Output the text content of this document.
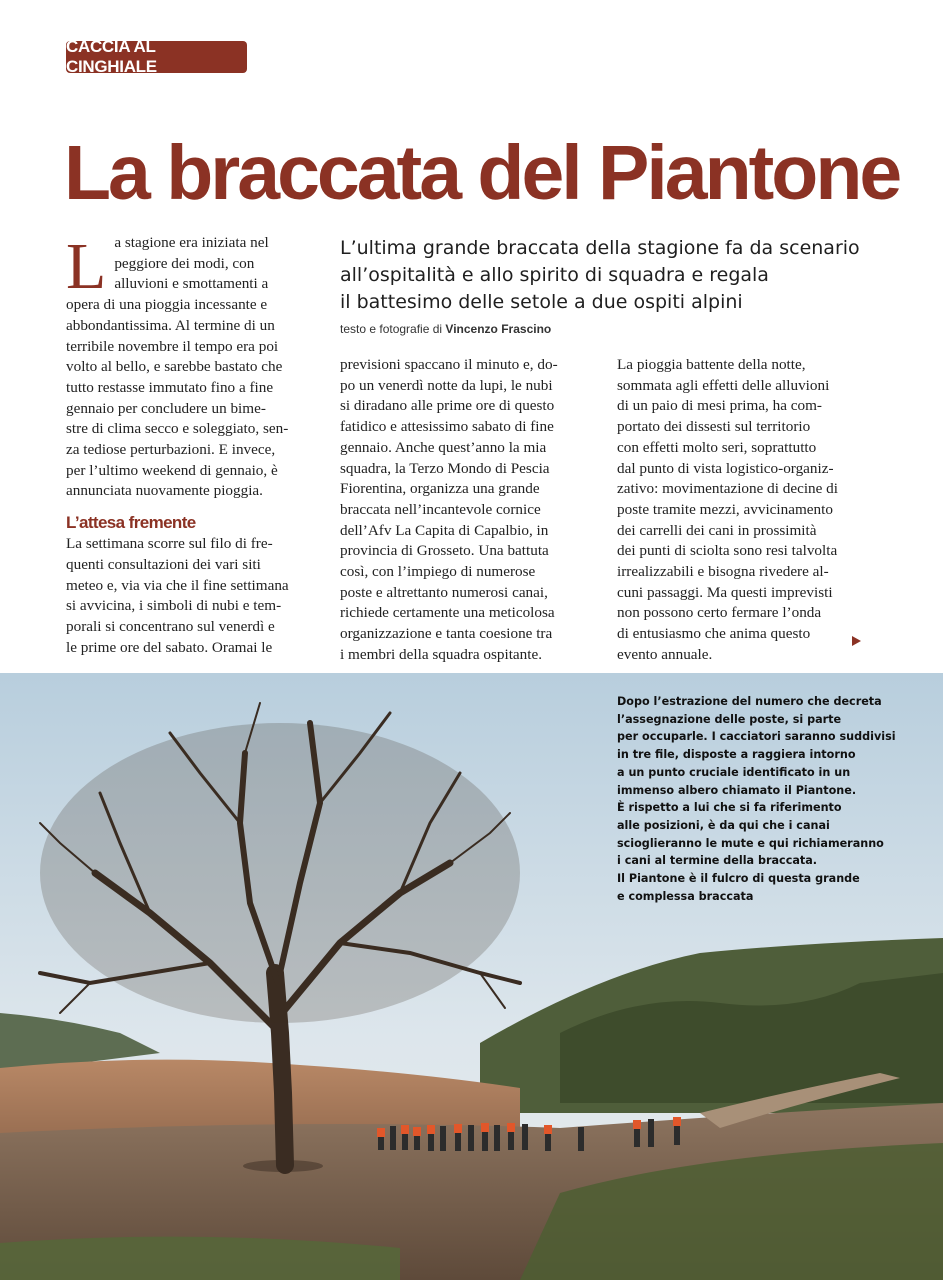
CACCIA AL CINGHIALE
La braccata del Piantone
L’ultima grande braccata della stagione fa da scenario
all’ospitalità e allo spirito di squadra e regala
il battesimo delle setole a due ospiti alpini
testo e fotografie di Vincenzo Frascino
L a stagione era iniziata nel
peggiore dei modi, con
alluvioni e smottamenti a
opera di una pioggia incessante e
abbondantissima. Al termine di un
terribile novembre il tempo era poi
volto al bello, e sarebbe bastato che
tutto restasse immutato fino a fine
gennaio per concludere un bime-
stre di clima secco e soleggiato, sen-
za tediose perturbazioni. E invece,
per l’ultimo weekend di gennaio, è
annunciata nuovamente pioggia.
L’attesa fremente
La settimana scorre sul filo di fre-
quenti consultazioni dei vari siti
meteo e, via via che il fine settimana
si avvicina, i simboli di nubi e tem-
porali si concentrano sul venerdì e
le prime ore del sabato. Oramai le
previsioni spaccano il minuto e, do-
po un venerdì notte da lupi, le nubi
si diradano alle prime ore di questo
fatidico e attesissimo sabato di fine
gennaio. Anche quest’anno la mia
squadra, la Terzo Mondo di Pescia
Fiorentina, organizza una grande
braccata nell’incantevole cornice
dell’Afv La Capita di Capalbio, in
provincia di Grosseto. Una battuta
così, con l’impiego di numerose
poste e altrettanto numerosi canai,
richiede certamente una meticolosa
organizzazione e tanta coesione tra
i membri della squadra ospitante.
La pioggia battente della notte,
sommata agli effetti delle alluvioni
di un paio di mesi prima, ha com-
portato dei dissesti sul territorio
con effetti molto seri, soprattutto
dal punto di vista logistico-organiz-
zativo: movimentazione di decine di
poste tramite mezzi, avvicinamento
dei carrelli dei cani in prossimità
dei punti di sciolta sono resi talvolta
irrealizzabili e bisogna rivedere al-
cuni passaggi. Ma questi imprevisti
non possono certo fermare l’onda
di entusiasmo che anima questo
evento annuale.
Dopo l’estrazione del numero che decreta
l’assegnazione delle poste, si parte
per occuparle. I cacciatori saranno suddivisi
in tre file, disposte a raggiera intorno
a un punto cruciale identificato in un
immenso albero chiamato il Piantone.
È rispetto a lui che si fa riferimento
alle posizioni, è da qui che i canai
scioglieranno le mute e qui richiameranno
i cani al termine della braccata.
Il Piantone è il fulcro di questa grande
e complessa braccata
